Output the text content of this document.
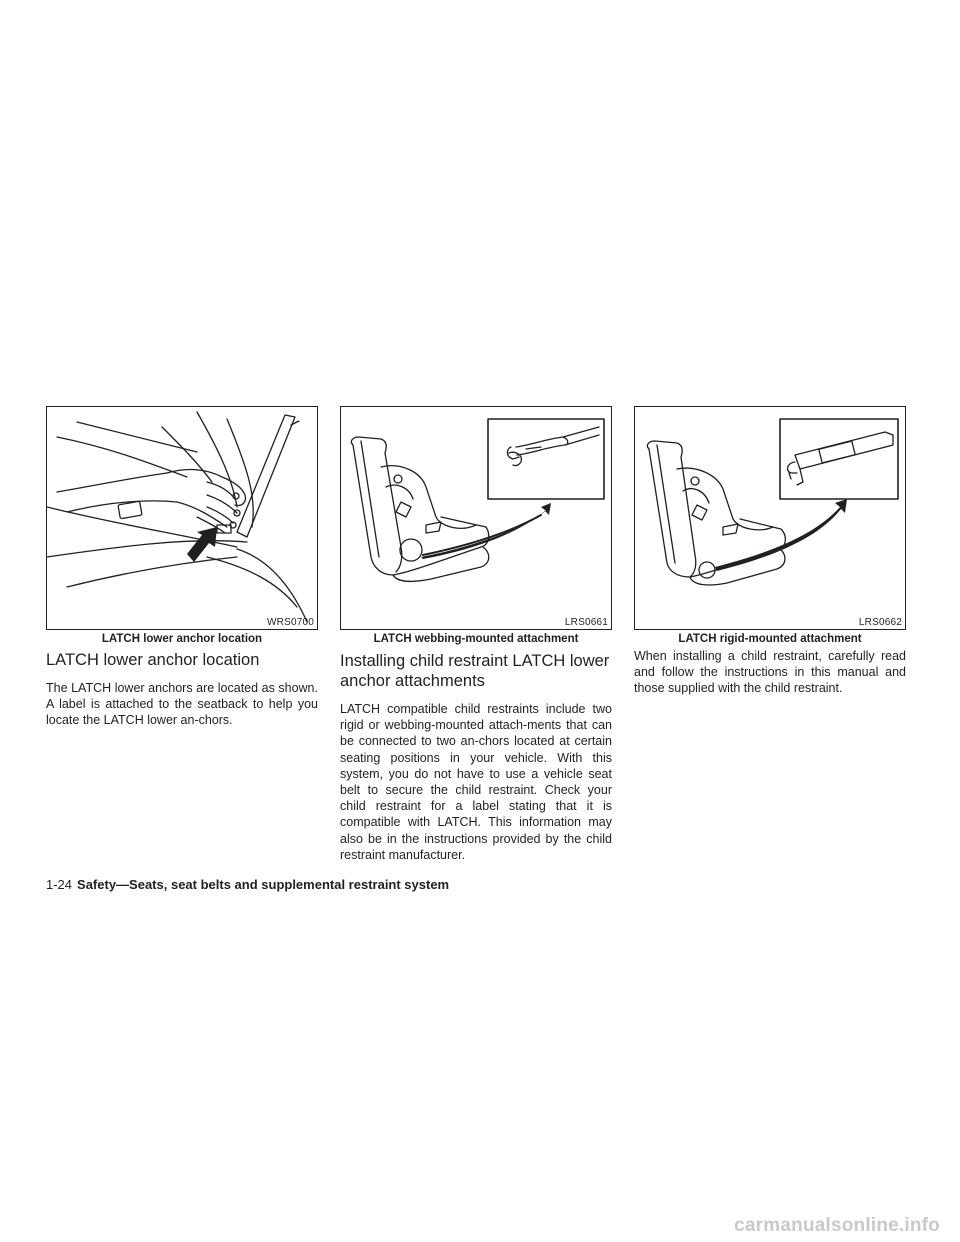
WRS0700
LATCH lower anchor location
LATCH lower anchor location

The LATCH lower anchors are located as shown. A label is attached to the seatback to help you locate the LATCH lower an-chors.

LRS0661
LATCH webbing-mounted attachment
Installing child restraint LATCH lower anchor attachments

LATCH compatible child restraints include two rigid or webbing-mounted attach-ments that can be connected to two an-chors located at certain seating positions in your vehicle. With this system, you do not have to use a vehicle seat belt to secure the child restraint. Check your child restraint for a label stating that it is compatible with LATCH. This information may also be in the instructions provided by the child restraint manufacturer.

LRS0662
LATCH rigid-mounted attachment

When installing a child restraint, carefully read and follow the instructions in this manual and those supplied with the child restraint.

1-24 Safety—Seats, seat belts and supplemental restraint system
carmanualsonline.info
